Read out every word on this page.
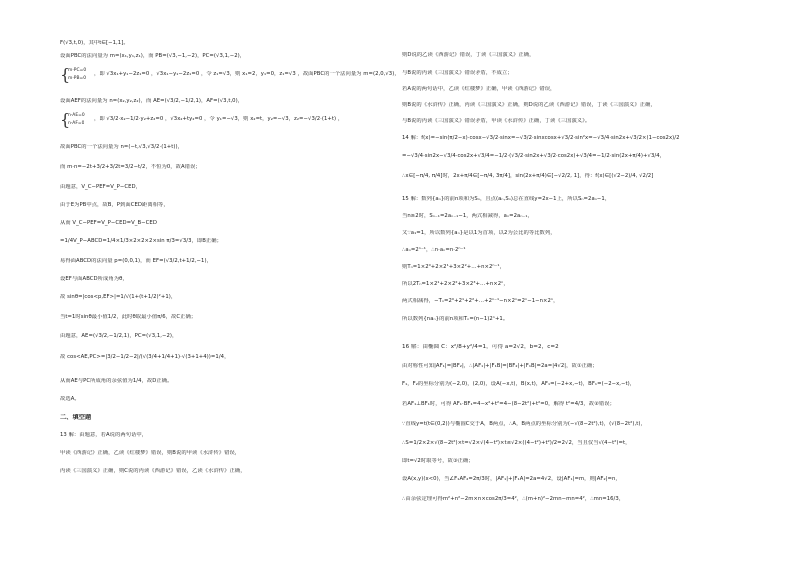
F(√3,t,0)，其中t∈[−1,1]。
设面PBC的法向量为 m=(x₁,y₁,z₁)，而 PB=(√3,−1,−2)，PC=(√3,1,−2)，
{
m·PC=0
m·PB=0
，即 √3x₁+y₁−2z₁=0 ，√3x₁−y₁−2z₁=0 ，令 z₁=√3，则 x₁=2，y₁=0，z₁=√3 ，故面PBC的一个法向量为 m=(2,0,√3)，
设面AEF的法向量为 n=(x₂,y₂,z₂)，而 AE=(√3/2,−1/2,1)，AF=(√3,t,0)，
{
n·AE=0
n·AF=0
，即 √3/2·x₂−1/2·y₂+z₂=0 ，√3x₂+ty₂=0 ，令 y₁=−√3，则 x₂=t，y₂=−√3，z₂=−√3/2·(1+t) ，
故面PBC的一个法向量为 n=(−t,√3,√3/2·(1+t))，
而 m·n=−2t+3/2+3/2t=3/2−t/2，不恒为0，故A错误；
由题意，V_C−PEF=V_P−CED，
由于E为PB中点，故B，P到面CED距离相等，
从而 V_C−PEF=V_P−CED=V_B−CED
=1/4V_P−ABCD=1/4×1/3×2×2×2×sin π/3=√3/3，即B正确；
易得面ABCD的法向量 p=(0,0,1)，而 EF=(√3/2,t+1/2,−1)，
设EF与面ABCD所成角为θ，
故 sinθ=|cos<p,EF>|=1/√(1+(t+1/2)²+1)，
当t=1时sinθ最小值1/2，此时θ取最小值π/6，故C正确；
由题意，AE=(√3/2,−1/2,1)，PC=(√3,1,−2)，
故 cos<AE,PC>=|3/2−1/2−2|/(√(3/4+1/4+1)·√(3+1+4))=1/4，
从而AE与PC所成角的余弦值为1/4，故D正确。
故选A。
二、填空题
13 解：由题意，若A说的两句话中，
甲读《西游记》正确，乙读《红楼梦》错误，则B说的甲读《水浒传》错误，
丙读《三国演义》正确，则C说的丙读《西游记》错误，乙读《水浒传》正确，
则D说的乙读《西游记》错误，丁读《三国演义》正确，
与B说的丙读《三国演义》错误矛盾，不成立；
若A说的两句话中，乙读《红楼梦》正确，甲读《西游记》错误，
则B说的《水浒传》正确，丙读《三国演义》正确，则D说的乙读《西游记》错误，丁读《三国演义》正确，
与B说的丙读《三国演义》错误矛盾，甲读《水浒传》正确，丁读《三国演义》。
14 解：f(x)=−sin(π/2−x)·cosx−√3/2·sinx=−√3/2·sinxcosx+√3/2·sin²x=−√3/4·sin2x+√3/2×(1−cos2x)/2
=−√3/4·sin2x−√3/4·cos2x+√3/4=−1/2·(√3/2·sin2x+√3/2·cos2x)+√3/4=−1/2·sin(2x+π/4)+√3/4，
∴x∈[−π/4, π/4]时，2x+π/4∈[−π/4, 3π/4]，sin(2x+π/4)∈[−√2/2, 1]，得：f(x)∈[(√2−2)/4, √2/2]
15 解：数列{aₙ}的前n项和为Sₙ，且点(aₙ,Sₙ)总在直线y=2x−1上，所以Sₙ=2aₙ−1，
当n≥2时，Sₙ₋₁=2aₙ₋₁−1，两式相减得，aₙ=2aₙ₋₁，
又∵a₁=1，所以数列{aₙ}是以1为首项，以2为公比的等比数列，
∴aₙ=2ⁿ⁻¹，∴n·aₙ=n·2ⁿ⁻¹
则Tₙ=1×2⁰+2×2¹+3×2²+…+n×2ⁿ⁻¹，
所以2Tₙ=1×2¹+2×2²+3×2³+…+n×2ⁿ，
两式相减得，−Tₙ=2⁰+2¹+2²+…+2ⁿ⁻¹−n×2ⁿ=2ⁿ−1−n×2ⁿ，
所以数列{naₙ}的前n项和Tₙ=(n−1)2ⁿ+1。
16 解：由椭圆 C：x²/8+y²/4=1，可得 a=2√2，b=2，c=2
由对称性可知|AF₁|=|BF₂|，∴|AF₁|+|F₁B|=|BF₂|+|F₁B|=2a=|4√2|，故①正确；
F₁，F₂的坐标分别为(−2,0)，(2,0)，设A(−x,t)，B(x,t)，AF₁=(−2+x,−t)，BF₁=(−2−x,−t)，
若AF₁⊥BF₁时，可得 AF₁·BF₁=4−x²+t²=4−(8−2t²)+t²=0，解得 t²=4/3，故②错误；
∵直线y=t(t∈(0,2))与椭圆C交于A，B两点，∴A，B两点的坐标分别为(−√(8−2t²),t)，(√(8−2t²),t)，
∴S=1/2×2×√(8−2t²)×t=√2×√(4−t²)×t≤√2×((4−t²)+t²)/2=2√2，当且仅当√(4−t²)=t，
即t=√2时取等号，故③正确；
设A(x,y)(x<0)，当∠F₁AF₂=2π/3时，|AF₁|+|F₁A|=2a=4√2，设|AF₁|=m，则|AF₂|=n，
∴由余弦定理可得m²+n²−2m×n×cos2π/3=4²，∴(m+n)²−2mn−mn=4²，∴mn=16/3，
